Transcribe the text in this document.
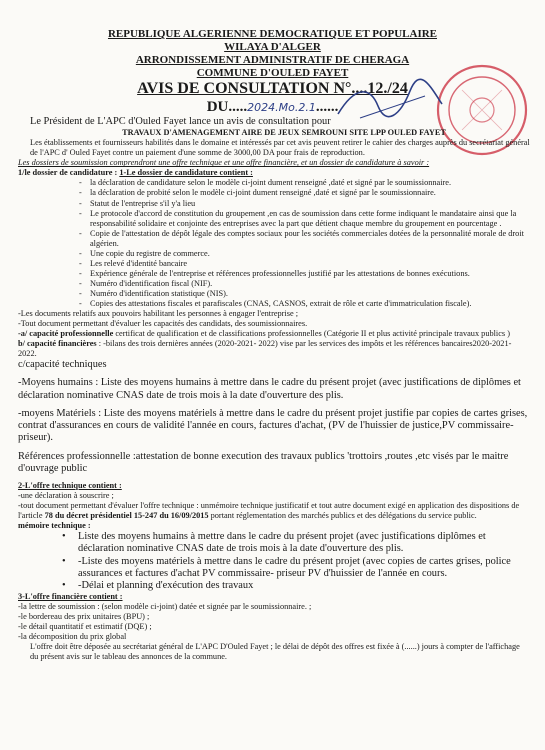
REPUBLIQUE ALGERIENNE DEMOCRATIQUE ET POPULAIRE
WILAYA D'ALGER
ARRONDISSEMENT ADMINISTRATIF DE CHERAGA
COMMUNE D'OULED FAYET
AVIS DE CONSULTATION N°....12./24
DU.....2024.Mo.2.1......

Le Président de L'APC d'Ouled Fayet lance un avis de consultation pour

TRAVAUX D'AMENAGEMENT AIRE DE JEUX SEMROUNI SITE LPP OULED FAYET

Les établissements et fournisseurs habilités dans le domaine et intéressés par cet avis peuvent retirer le cahier des charges auprès du secrétariat général de l'APC d' Ouled Fayet contre un paiement d'une somme de 3000,00 DA pour frais de reproduction.

Les dossiers de soumission comprendront une offre technique et une offre financière, et un dossier de candidature à savoir :

1/le dossier de candidature : 1-Le dossier de candidature contient :

- la déclaration de candidature selon le modèle ci-joint dument renseigné ,daté et signé par le soumissionnaire.
- la déclaration de probité selon le modèle ci-joint dument renseigné ,daté et signé par le soumissionnaire.
- Statut de l'entreprise s'il y'a lieu
- Le protocole d'accord de constitution du groupement ,en cas de soumission dans cette forme indiquant le mandataire ainsi que la responsabilité solidaire et conjointe des entreprises avec la part que détient chaque membre du groupement en pourcentage .
- Copie de l'attestation de dépôt légale des comptes sociaux pour les sociétés commerciales dotées de la personnalité morale de droit algérien.
- Une copie du registre de commerce.
- Les relevé d'identité bancaire
- Expérience générale de l'entreprise et références professionnelles justifié par les attestations de bonnes exécutions.
- Numéro d'identification fiscal (NIF).
- Numéro d'identification statistique (NIS).
- Copies des attestations fiscales et parafiscales (CNAS, CASNOS, extrait de rôle et carte d'immatriculation fiscale).

-Les documents relatifs aux pouvoirs habilitant les personnes à engager l'entreprise ;

-Tout document permettant d'évaluer les capacités des candidats, des soumissionnaires.

-a/ capacité professionnelle certificat de qualification et de classifications professionnelles (Catégorie II et plus activité principale travaux publics )

b/ capacité financières : -bilans des trois dernières années (2020-2021- 2022) vise par les services des impôts et les références bancaires2020-2021-2022.

c/capacité techniques

-Moyens humains : Liste des moyens humains à mettre dans le cadre du présent projet (avec justifications de diplômes et déclaration nominative CNAS date de trois mois à la date d'ouverture des plis.

-moyens Matériels : Liste des moyens matériels à mettre dans le cadre du présent projet justifie par copies de cartes grises, contrat d'assurances en cours de validité l'année en cours, factures d'achat, (PV de l'huissier de justice,PV commissaire- priseur).

Références professionnelle :attestation de bonne execution des travaux publics 'trottoirs ,routes ,etc visés par le maitre d'ouvrage public

2-L'offre technique contient :

-une déclaration à souscrire ;

-tout document permettant d'évaluer l'offre technique : unmémoire technique justificatif et tout autre document exigé en application des dispositions de l'article 78 du décret présidentiel 15-247 du 16/09/2015 portant réglementation des marchés publics et des délégations du service public.

mémoire technique :

• Liste des moyens humains à mettre dans le cadre du présent projet (avec justifications diplômes et déclaration nominative CNAS date de trois mois à la date d'ouverture des plis.
• -Liste des moyens matériels à mettre dans le cadre du présent projet (avec copies de cartes grises, police assurances et factures d'achat PV commissaire- priseur PV d'huissier de l'année en cours.
• -Délai et planning d'exécution des travaux

3-L'offre financière contient :

-la lettre de soumission : (selon modèle ci-joint) datée et signée par le soumissionnaire. ;

-le bordereau des prix unitaires (BPU) ;

-le détail quantitatif et estimatif (DQE) ;

-la décomposition du prix global

L'offre doit être déposée au secrétariat général de L'APC D'Ouled Fayet ; le délai de dépôt des offres est fixée à (......) jours à compter de l'affichage du présent avis sur le tableau des annonces de la commune.
